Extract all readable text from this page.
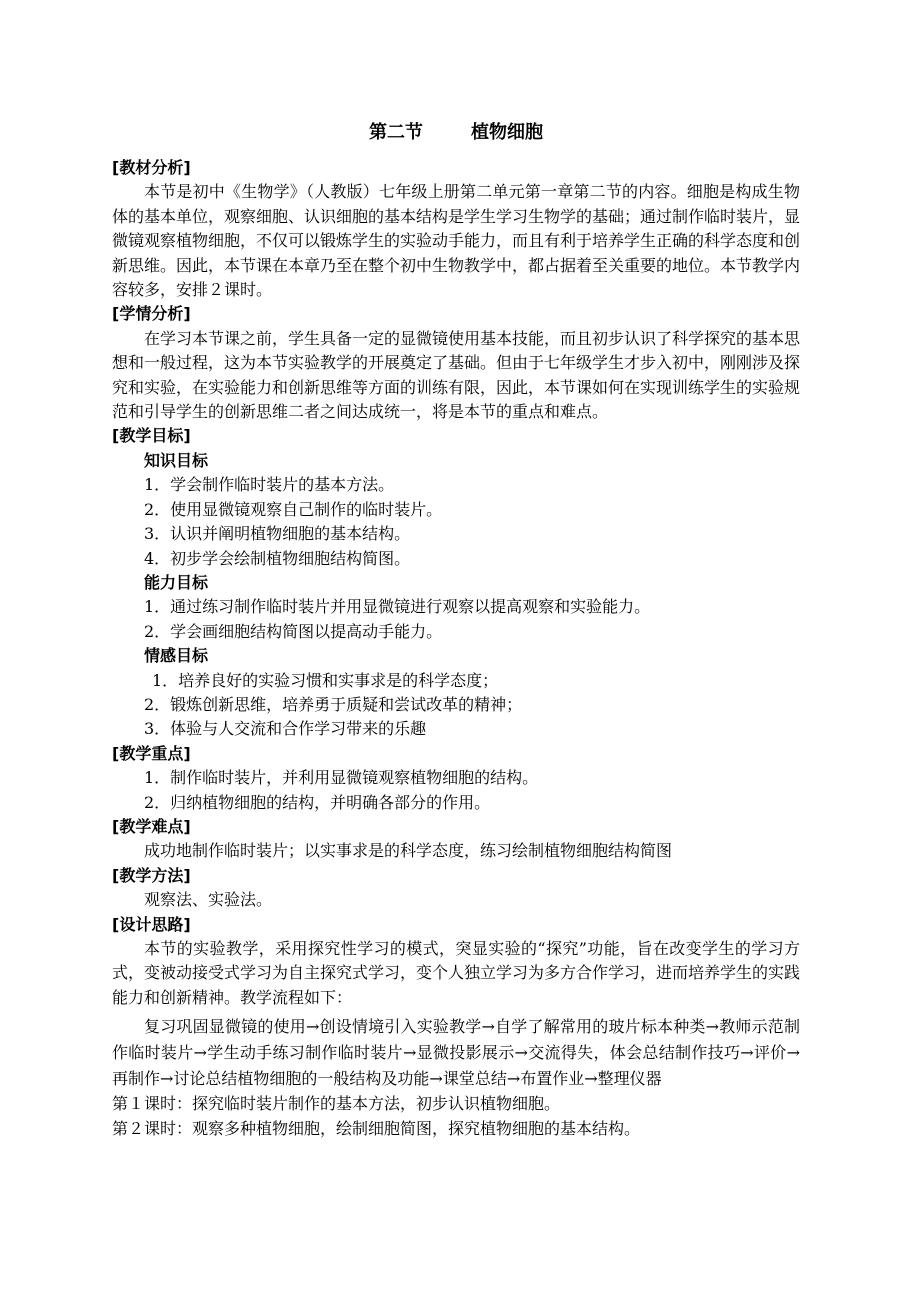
第二节	植物细胞
[教材分析]

本节是初中《生物学》（人教版）七年级上册第二单元第一章第二节的内容。细胞是构成生物体的基本单位，观察细胞、认识细胞的基本结构是学生学习生物学的基础；通过制作临时装片，显微镜观察植物细胞，不仅可以锻炼学生的实验动手能力，而且有利于培养学生正确的科学态度和创新思维。因此，本节课在本章乃至在整个初中生物教学中，都占据着至关重要的地位。本节教学内容较多，安排２课时。

[学情分析]

在学习本节课之前，学生具备一定的显微镜使用基本技能，而且初步认识了科学探究的基本思想和一般过程，这为本节实验教学的开展奠定了基础。但由于七年级学生才步入初中，刚刚涉及探究和实验，在实验能力和创新思维等方面的训练有限，因此，本节课如何在实现训练学生的实验规范和引导学生的创新思维二者之间达成统一，将是本节的重点和难点。

[教学目标]
知识目标
1．学会制作临时装片的基本方法。
2．使用显微镜观察自己制作的临时装片。
3．认识并阐明植物细胞的基本结构。
4．初步学会绘制植物细胞结构简图。
能力目标
1．通过练习制作临时装片并用显微镜进行观察以提高观察和实验能力。
2．学会画细胞结构简图以提高动手能力。
情感目标
1．培养良好的实验习惯和实事求是的科学态度；
2．锻炼创新思维，培养勇于质疑和尝试改革的精神；
3．体验与人交流和合作学习带来的乐趣
[教学重点]
1．制作临时装片，并利用显微镜观察植物细胞的结构。
2．归纳植物细胞的结构，并明确各部分的作用。
[教学难点]

成功地制作临时装片；以实事求是的科学态度，练习绘制植物细胞结构简图

[教学方法]

观察法、实验法。

[设计思路]

本节的实验教学，采用探究性学习的模式，突显实验的“探究”功能，旨在改变学生的学习方式，变被动接受式学习为自主探究式学习，变个人独立学习为多方合作学习，进而培养学生的实践能力和创新精神。教学流程如下：

复习巩固显微镜的使用→创设情境引入实验教学→自学了解常用的玻片标本种类→教师示范制作临时装片→学生动手练习制作临时装片→显微投影展示→交流得失，体会总结制作技巧→评价→再制作→讨论总结植物细胞的一般结构及功能→课堂总结→布置作业→整理仪器

第１课时：探究临时装片制作的基本方法，初步认识植物细胞。

第２课时：观察多种植物细胞，绘制细胞简图，探究植物细胞的基本结构。
